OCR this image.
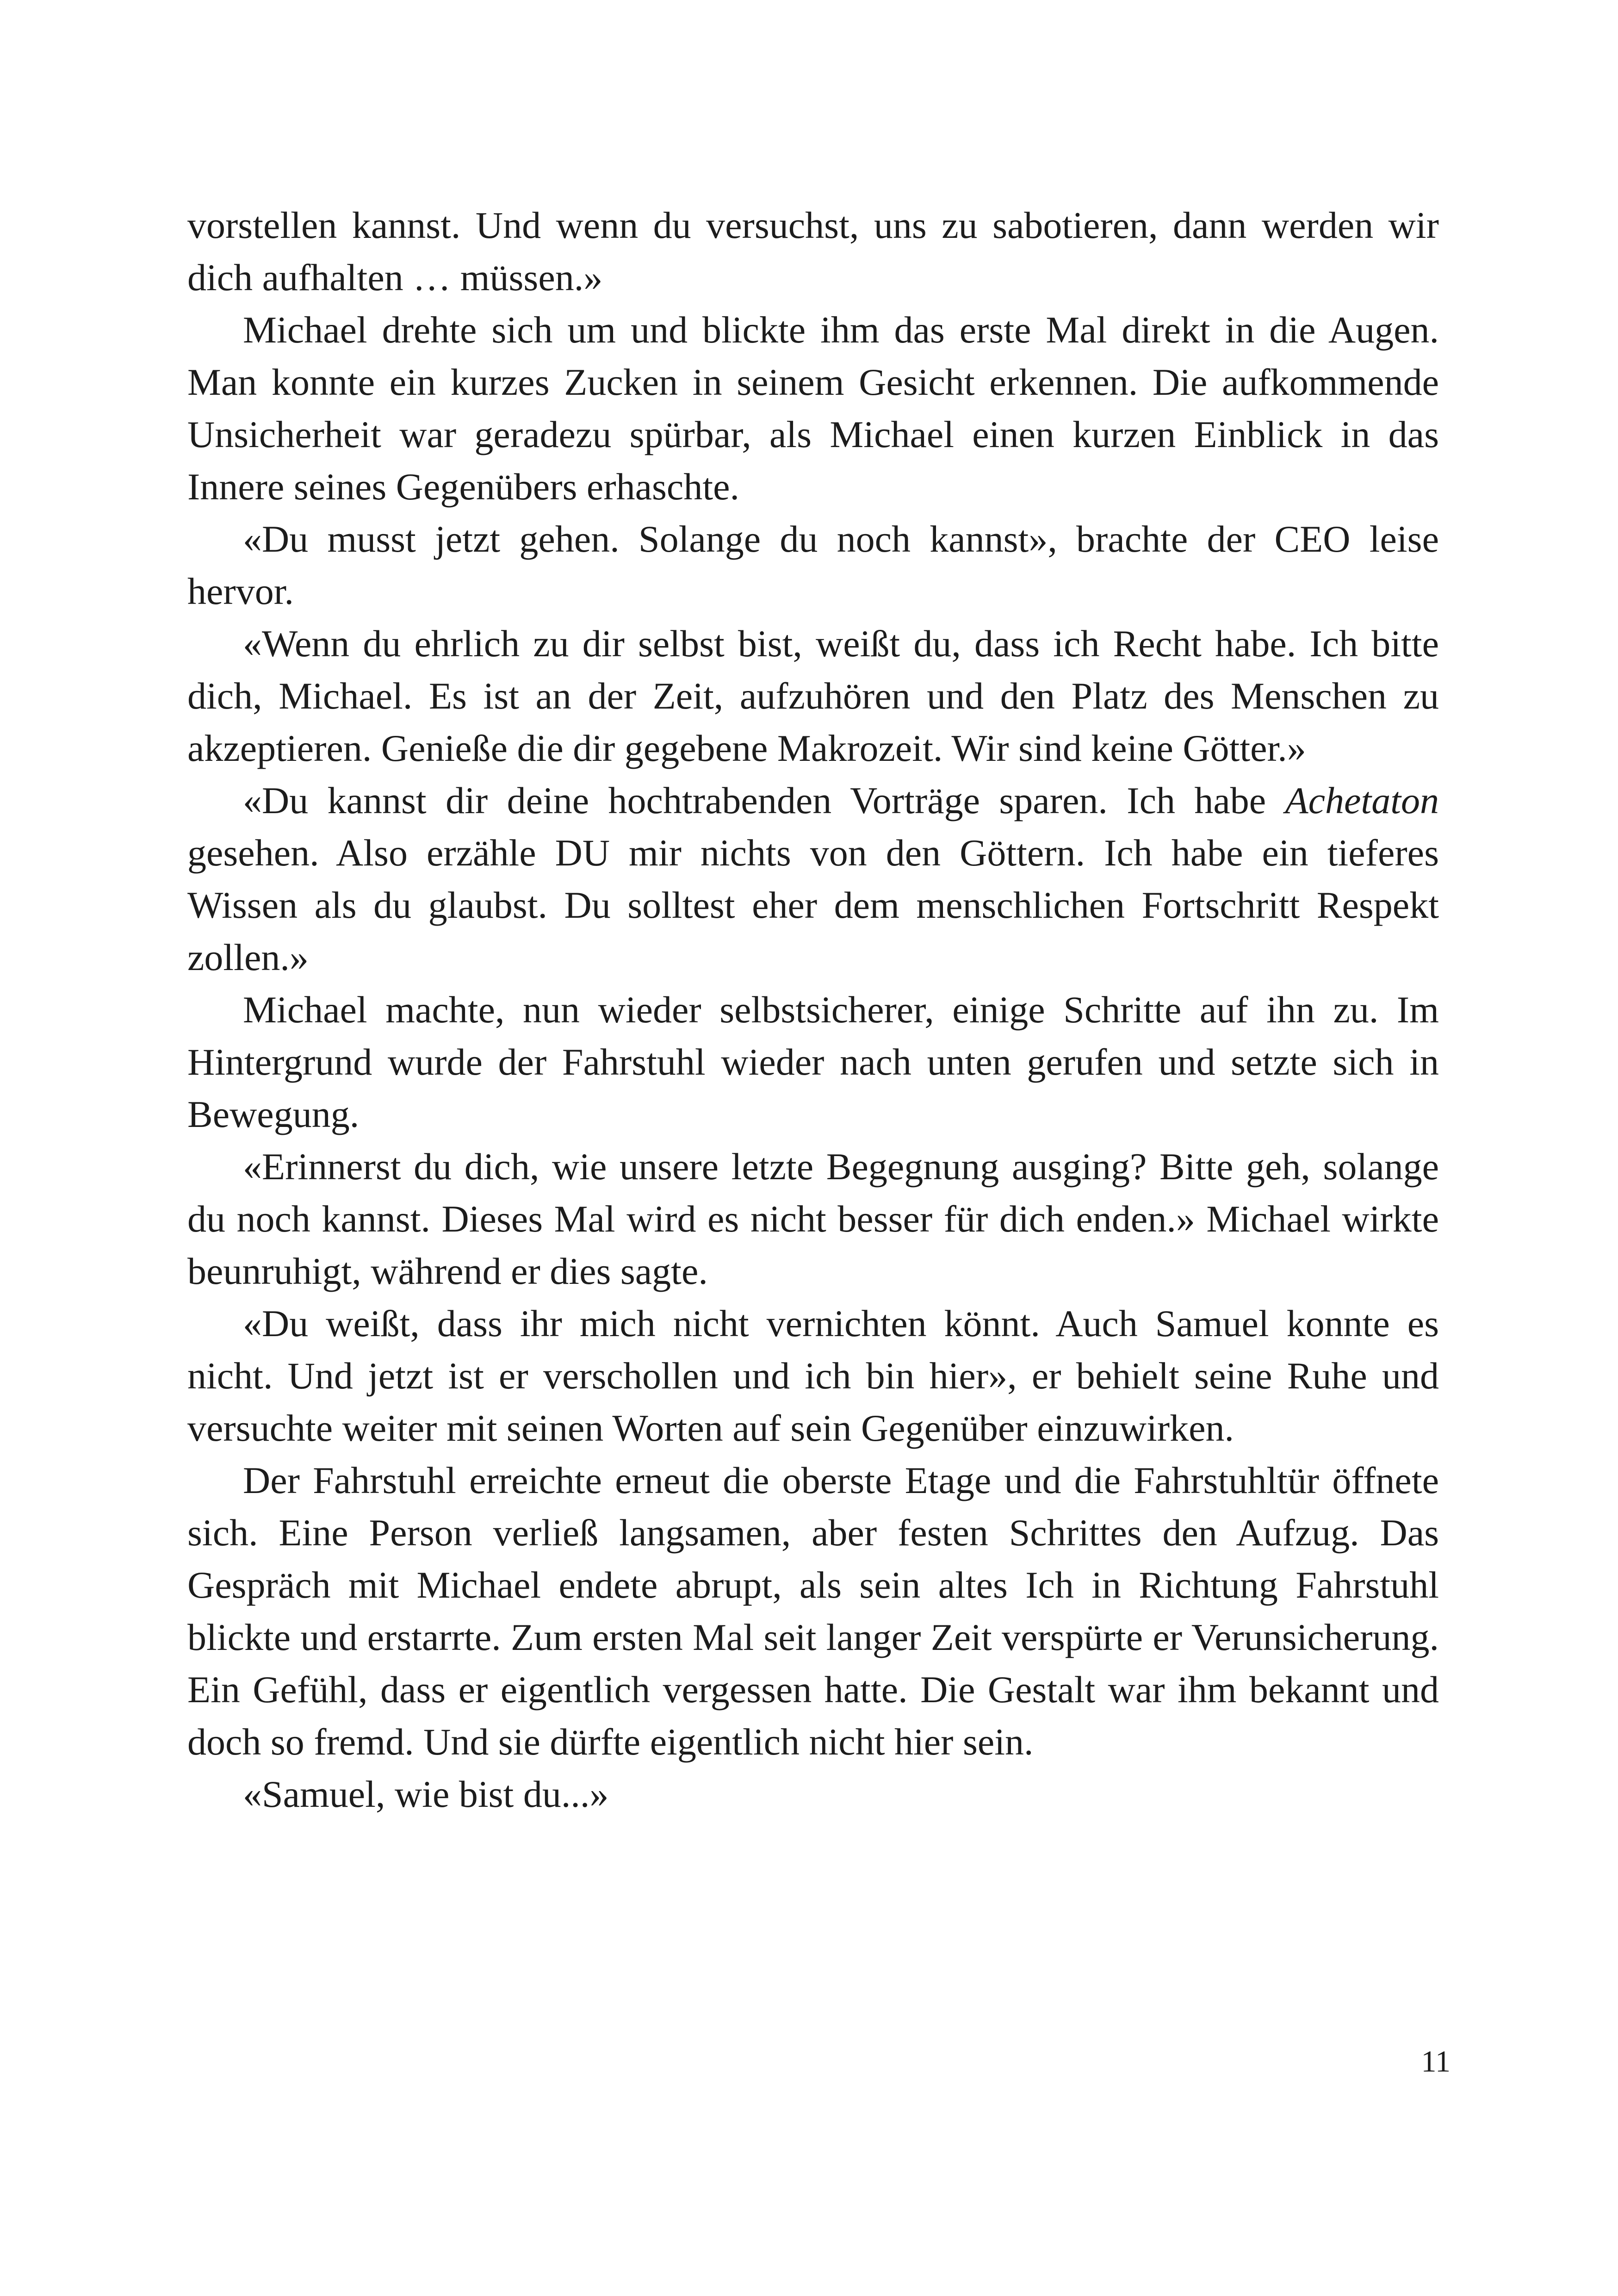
vorstellen kannst. Und wenn du versuchst, uns zu sabotieren, dann werden wir dich aufhalten … müssen.»

Michael drehte sich um und blickte ihm das erste Mal direkt in die Augen. Man konnte ein kurzes Zucken in seinem Gesicht erkennen. Die aufkommende Unsicherheit war geradezu spürbar, als Michael einen kurzen Einblick in das Innere seines Gegenübers erhaschte.

«Du musst jetzt gehen. Solange du noch kannst», brachte der CEO leise hervor.

«Wenn du ehrlich zu dir selbst bist, weißt du, dass ich Recht habe. Ich bitte dich, Michael. Es ist an der Zeit, aufzuhören und den Platz des Menschen zu akzeptieren. Genieße die dir gegebene Makrozeit. Wir sind keine Götter.»

«Du kannst dir deine hochtrabenden Vorträge sparen. Ich habe Achetaton gesehen. Also erzähle DU mir nichts von den Göttern. Ich habe ein tieferes Wissen als du glaubst. Du solltest eher dem menschlichen Fortschritt Respekt zollen.»

Michael machte, nun wieder selbstsicherer, einige Schritte auf ihn zu. Im Hintergrund wurde der Fahrstuhl wieder nach unten gerufen und setzte sich in Bewegung.

«Erinnerst du dich, wie unsere letzte Begegnung ausging? Bitte geh, solange du noch kannst. Dieses Mal wird es nicht besser für dich enden.» Michael wirkte beunruhigt, während er dies sagte.

«Du weißt, dass ihr mich nicht vernichten könnt. Auch Samuel konnte es nicht. Und jetzt ist er verschollen und ich bin hier», er behielt seine Ruhe und versuchte weiter mit seinen Worten auf sein Gegenüber einzuwirken.

Der Fahrstuhl erreichte erneut die oberste Etage und die Fahrstuhltür öffnete sich. Eine Person verließ langsamen, aber festen Schrittes den Aufzug. Das Gespräch mit Michael endete abrupt, als sein altes Ich in Richtung Fahrstuhl blickte und erstarrte. Zum ersten Mal seit langer Zeit verspürte er Verunsicherung. Ein Gefühl, dass er eigentlich vergessen hatte. Die Gestalt war ihm bekannt und doch so fremd. Und sie dürfte eigentlich nicht hier sein.

«Samuel, wie bist du...»

11
